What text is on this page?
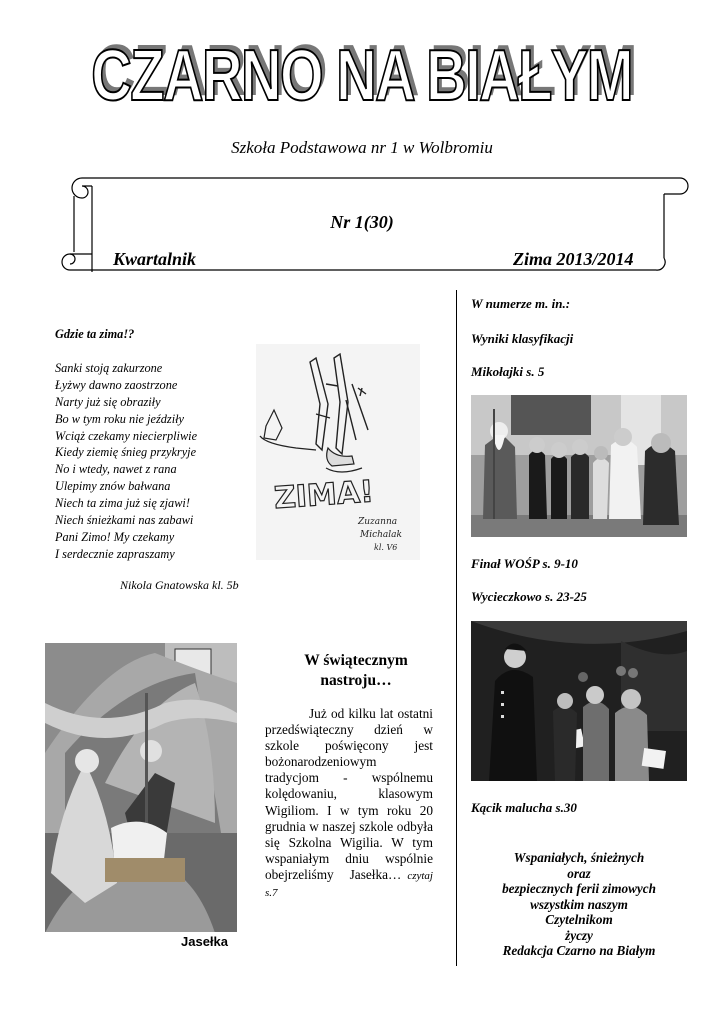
CZARNO NA BIAŁYM
Szkoła Podstawowa nr 1 w Wolbromiu
Nr 1(30)
Kwartalnik	Zima 2013/2014
Gdzie ta zima!?
Sanki stoją zakurzone
Łyżwy dawno zaostrzone
Narty już się obraziły
Bo w tym roku nie jeździły
Wciąż czekamy niecierpliwie
Kiedy ziemię śnieg przykryje
No i wtedy, nawet z rana
Ulepimy znów bałwana
Niech ta zima już się zjawi!
Niech śnieżkami nas zabawi
Pani Zimo! My czekamy
I serdecznie zapraszamy
Nikola Gnatowska kl. 5b
ZIMA!
Zuzanna
Michalak
kl. V6
Jasełka
W świątecznym
nastroju…
Już od kilku lat ostatni przedświąteczny dzień w szkole poświęcony jest bożonarodzeniowym tradycjom - wspólnemu kolędowaniu, klasowym Wigiliom. I w tym roku 20 grudnia w naszej szkole odbyła się Szkolna Wigilia. W tym wspaniałym dniu wspólnie obejrzeliśmy Jasełka… czytaj s.7
W numerze m. in.:
Wyniki klasyfikacji
Mikołajki s. 5
Finał WOŚP s. 9-10
Wycieczkowo s. 23-25
Kącik malucha s.30
Wspaniałych, śnieżnych
oraz
bezpiecznych ferii zimowych
wszystkim naszym
Czytelnikom
życzy
Redakcja Czarno na Białym
